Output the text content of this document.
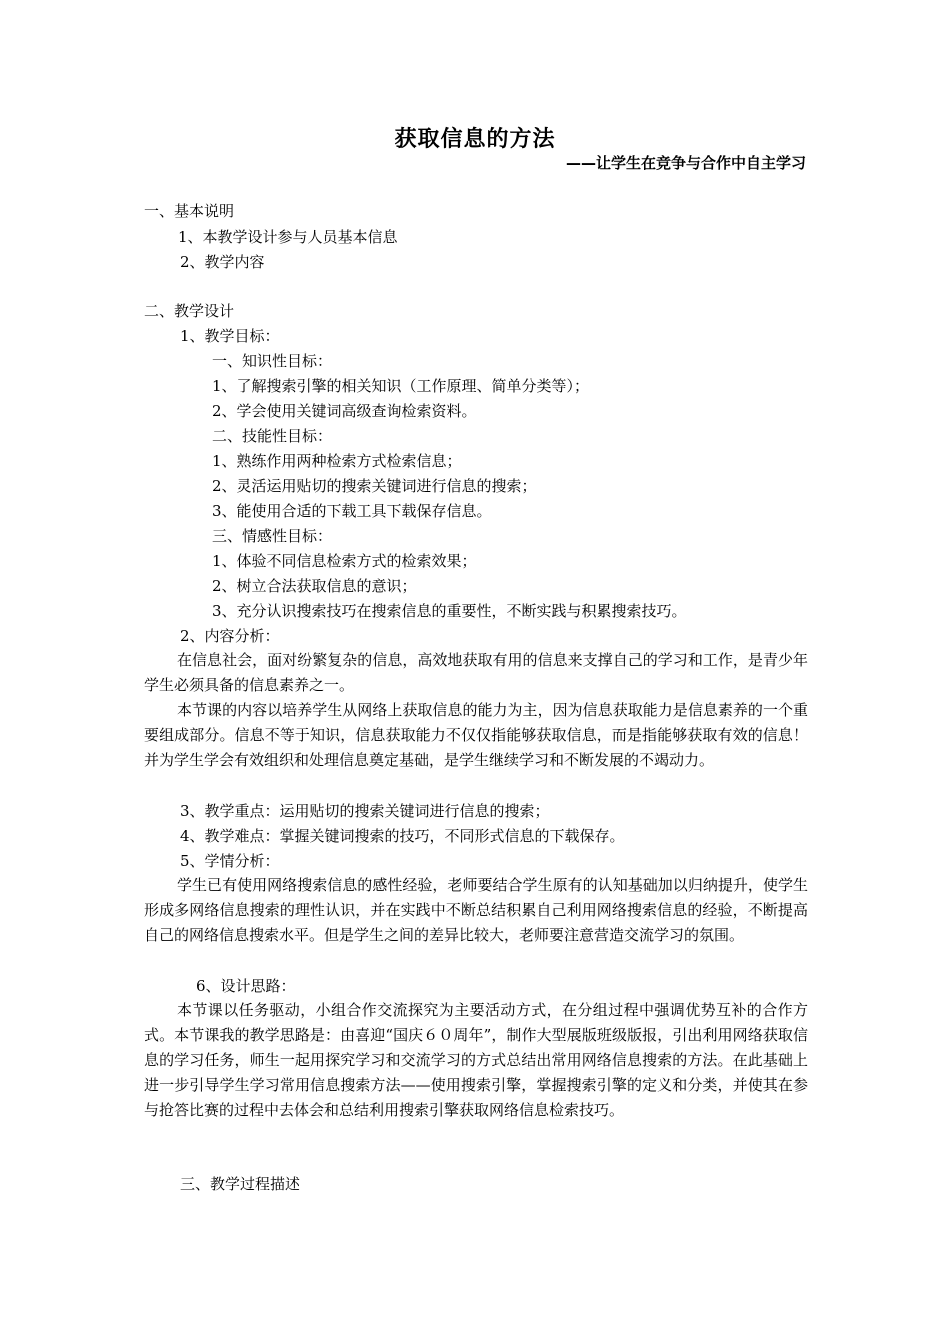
获取信息的方法
——让学生在竞争与合作中自主学习
一、基本说明
1、本教学设计参与人员基本信息
2、教学内容
二、教学设计
1、教学目标：
一、知识性目标：
1、了解搜索引擎的相关知识（工作原理、简单分类等）；
2、学会使用关键词高级查询检索资料。
二、技能性目标：
1、熟练作用两种检索方式检索信息；
2、灵活运用贴切的搜索关键词进行信息的搜索；
3、能使用合适的下载工具下载保存信息。
三、情感性目标：
1、体验不同信息检索方式的检索效果；
2、树立合法获取信息的意识；
3、充分认识搜索技巧在搜索信息的重要性，不断实践与积累搜索技巧。
2、内容分析：
在信息社会，面对纷繁复杂的信息，高效地获取有用的信息来支撑自己的学习和工作，是青少年学生必须具备的信息素养之一。
本节课的内容以培养学生从网络上获取信息的能力为主，因为信息获取能力是信息素养的一个重要组成部分。信息不等于知识，信息获取能力不仅仅指能够获取信息，而是指能够获取有效的信息！并为学生学会有效组织和处理信息奠定基础，是学生继续学习和不断发展的不竭动力。
3、教学重点：运用贴切的搜索关键词进行信息的搜索；
4、教学难点：掌握关键词搜索的技巧，不同形式信息的下载保存。
5、学情分析：
学生已有使用网络搜索信息的感性经验，老师要结合学生原有的认知基础加以归纳提升，使学生形成多网络信息搜索的理性认识，并在实践中不断总结积累自己利用网络搜索信息的经验，不断提高自己的网络信息搜索水平。但是学生之间的差异比较大，老师要注意营造交流学习的氛围。
6、设计思路：
本节课以任务驱动，小组合作交流探究为主要活动方式，在分组过程中强调优势互补的合作方式。本节课我的教学思路是：由喜迎“国庆６０周年”，制作大型展版班级版报，引出利用网络获取信息的学习任务，师生一起用探究学习和交流学习的方式总结出常用网络信息搜索的方法。在此基础上进一步引导学生学习常用信息搜索方法——使用搜索引擎，掌握搜索引擎的定义和分类，并使其在参与抢答比赛的过程中去体会和总结利用搜索引擎获取网络信息检索技巧。
三、教学过程描述
